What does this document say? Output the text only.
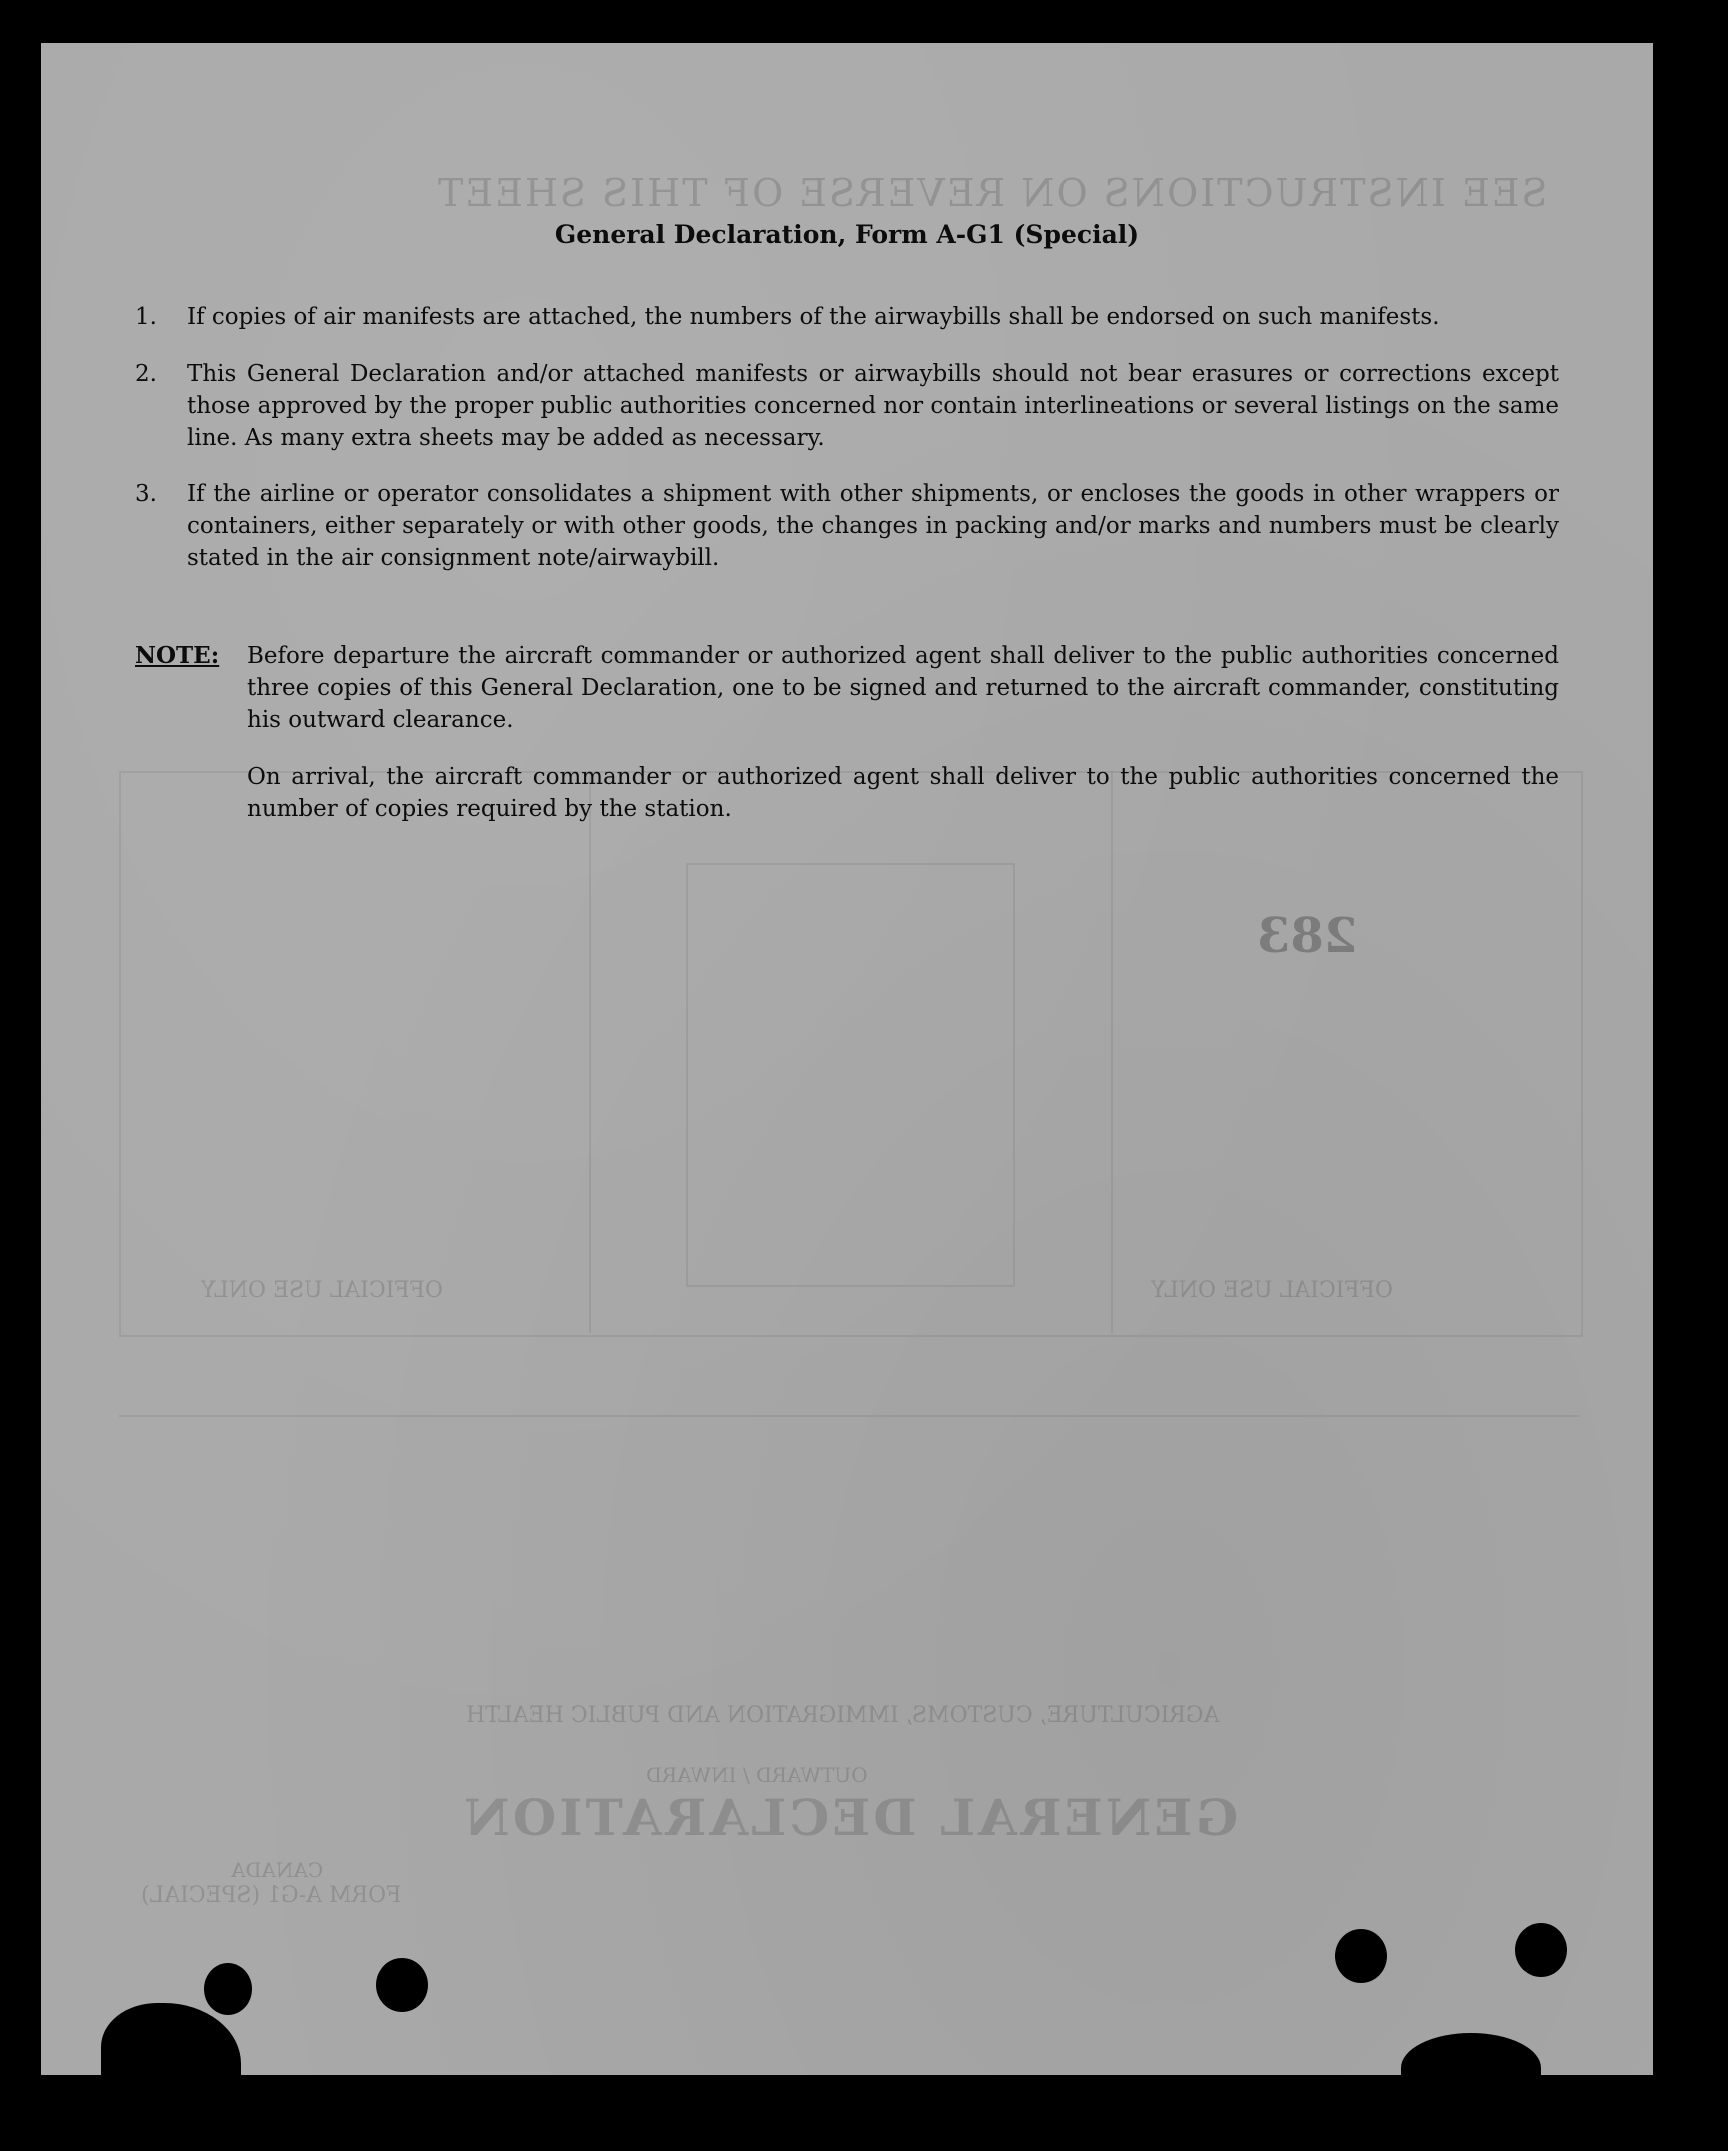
SEE INSTRUCTIONS ON REVERSE OF THIS SHEET
GENERAL DECLARATION
OUTWARD / INWARD
AGRICULTURE, CUSTOMS, IMMIGRATION AND PUBLIC HEALTH
283
OFFICIAL USE ONLY	OFFICIAL USE ONLY
FORM A-G1 (SPECIAL)
CANADA
General Declaration, Form A-G1 (Special)
1.	If copies of air manifests are attached, the numbers of the airwaybills shall be endorsed on such manifests.
2.	This General Declaration and/or attached manifests or airwaybills should not bear erasures or corrections except those approved by the proper public authorities concerned nor contain interlineations or several listings on the same line. As many extra sheets may be added as necessary.
3.	If the airline or operator consolidates a shipment with other shipments, or encloses the goods in other wrappers or containers, either separately or with other goods, the changes in packing and/or marks and numbers must be clearly stated in the air consignment note/airwaybill.
NOTE: Before departure the aircraft commander or authorized agent shall deliver to the public authorities concerned three copies of this General Declaration, one to be signed and returned to the aircraft commander, constituting his outward clearance.
On arrival, the aircraft commander or authorized agent shall deliver to the public authorities concerned the number of copies required by the station.
